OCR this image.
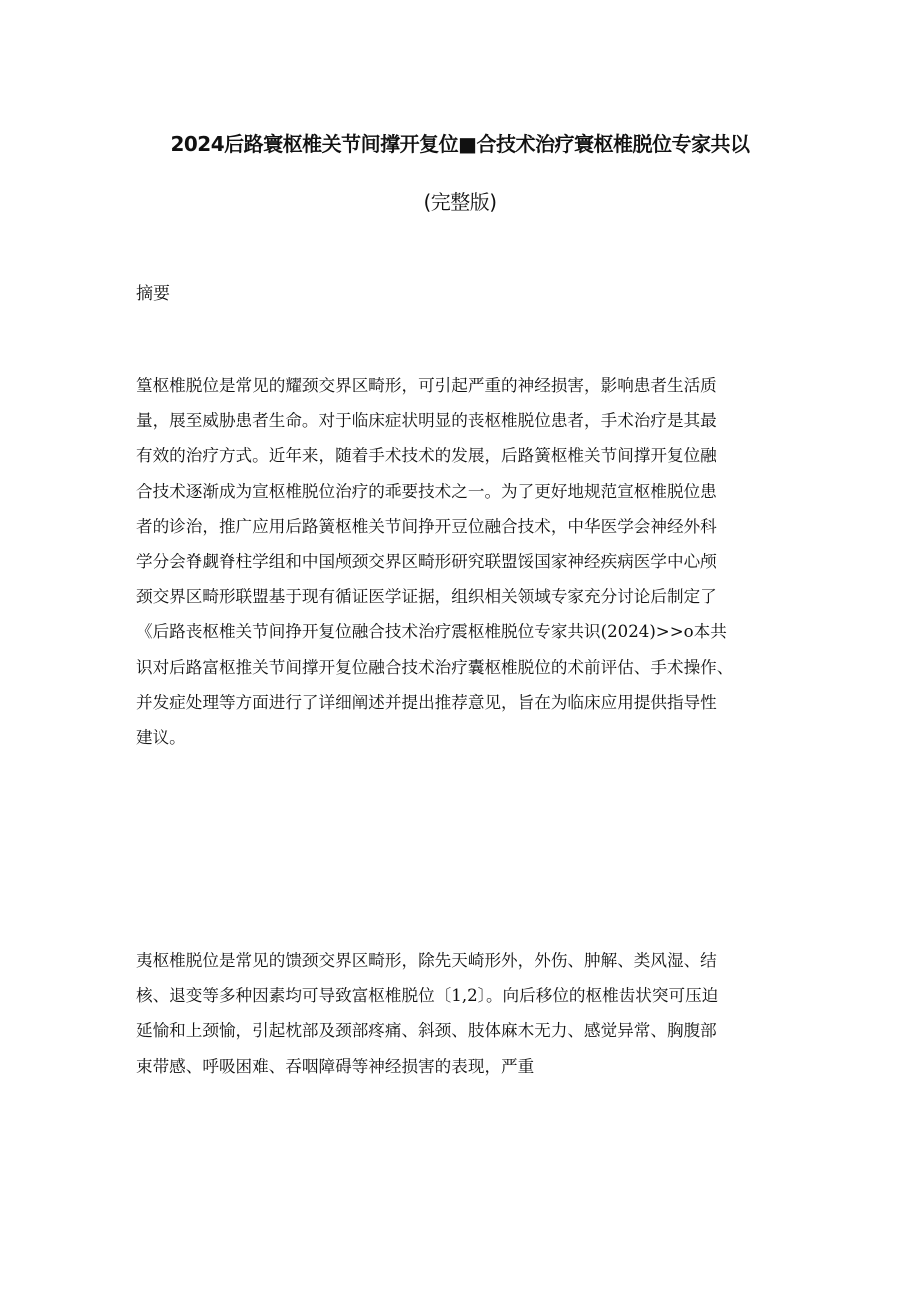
2024后路寰枢椎关节间撑开复位■合技术治疗寰枢椎脱位专家共以
(完整版)
摘要
篁枢椎脱位是常见的耀颈交界区畸形，可引起严重的神经损害，影响患者生活质
量，展至威胁患者生命。对于临床症状明显的丧枢椎脱位患者，手术治疗是其最
有效的治疗方式。近年来，随着手术技术的发展，后路簧枢椎关节间撑开复位融
合技术逐渐成为宣枢椎脱位治疗的乖要技术之一。为了更好地规范宣枢椎脱位患
者的诊治，推广应用后路簧枢椎关节间挣开豆位融合技术，中华医学会神经外科
学分会脊觑脊柱学组和中国颅颈交界区畸形研究联盟馁国家神经疾病医学中心颅
颈交界区畸形联盟基于现有循证医学证据，组织相关领域专家充分讨论后制定了
《后路丧枢椎关节间挣开复位融合技术治疗震枢椎脱位专家共识(2024)>>o本共
识对后路富枢推关节间撑开复位融合技术治疗囊枢椎脱位的术前评估、手术操作、
并发症处理等方面进行了详细阐述并提出推荐意见，旨在为临床应用提供指导性
建议。
夷枢椎脱位是常见的馈颈交界区畸形，除先天崎形外，外伤、肿解、类风湿、结
核、退变等多种因素均可导致富枢椎脱位〔1,2〕。向后移位的枢椎齿状突可压迫
延愉和上颈愉，引起枕部及颈部疼痛、斜颈、肢体麻木无力、感觉异常、胸腹部
束带感、呼吸困难、吞咽障碍等神经损害的表现，严重
